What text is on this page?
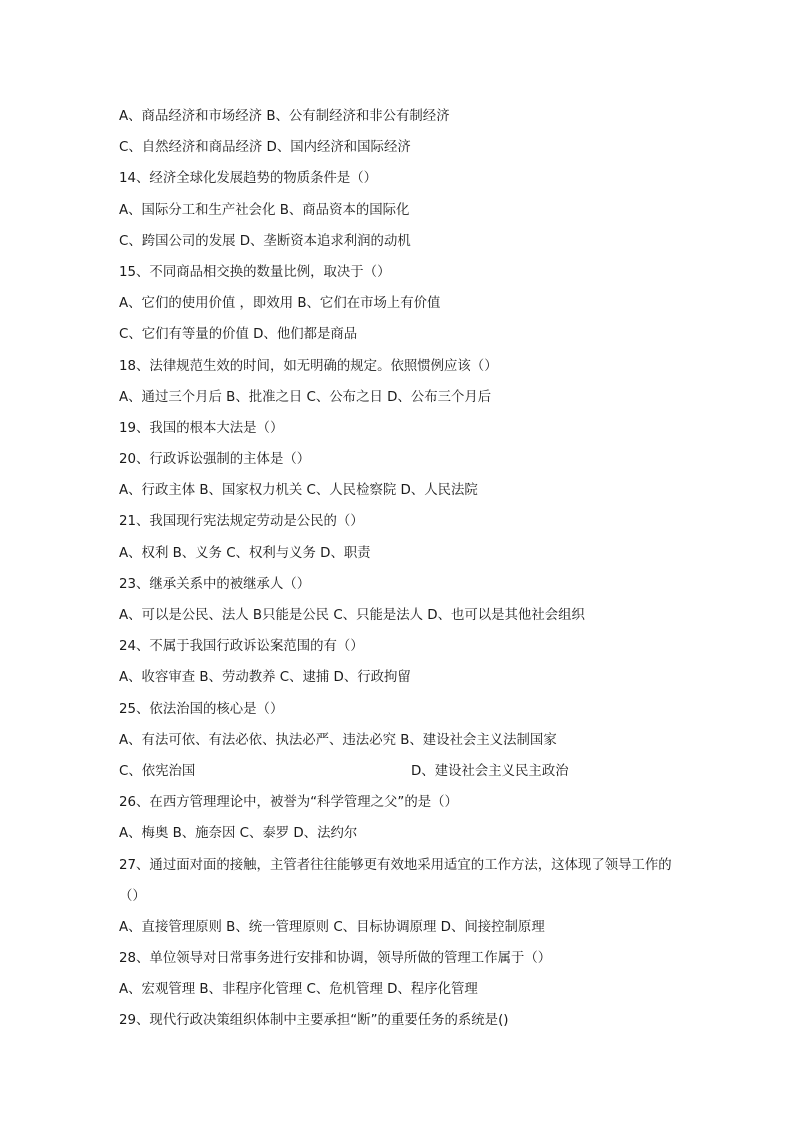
A、商品经济和市场经济 B、公有制经济和非公有制经济
C、自然经济和商品经济 D、国内经济和国际经济
14、经济全球化发展趋势的物质条件是（）
A、国际分工和生产社会化 B、商品资本的国际化
C、跨国公司的发展 D、垄断资本追求利润的动机
15、不同商品相交换的数量比例，取决于（）
A、它们的使用价值 ，即效用 B、它们在市场上有价值
C、它们有等量的价值 D、他们都是商品
18、法律规范生效的时间，如无明确的规定。依照惯例应该（）
A、通过三个月后 B、批准之日 C、公布之日 D、公布三个月后
19、我国的根本大法是（）
20、行政诉讼强制的主体是（）
A、行政主体 B、国家权力机关 C、人民检察院 D、人民法院
21、我国现行宪法规定劳动是公民的（）
A、权利 B、义务 C、权利与义务 D、职责
23、继承关系中的被继承人（）
A、可以是公民、法人 B只能是公民 C、只能是法人 D、也可以是其他社会组织
24、不属于我国行政诉讼案范围的有（）
A、收容审查 B、劳动教养 C、逮捕 D、行政拘留
25、依法治国的核心是（）
A、有法可依、有法必依、执法必严、违法必究 B、建设社会主义法制国家
C、依宪治国	D、建设社会主义民主政治
26、在西方管理理论中，被誉为“科学管理之父”的是（）
A、梅奥 B、施奈因 C、泰罗 D、法约尔
27、通过面对面的接触，主管者往往能够更有效地采用适宜的工作方法，这体现了领导工作的（）
A、直接管理原则 B、统一管理原则 C、目标协调原理 D、间接控制原理
28、单位领导对日常事务进行安排和协调，领导所做的管理工作属于（）
A、宏观管理 B、非程序化管理 C、危机管理 D、程序化管理
29、现代行政决策组织体制中主要承担“断”的重要任务的系统是()
